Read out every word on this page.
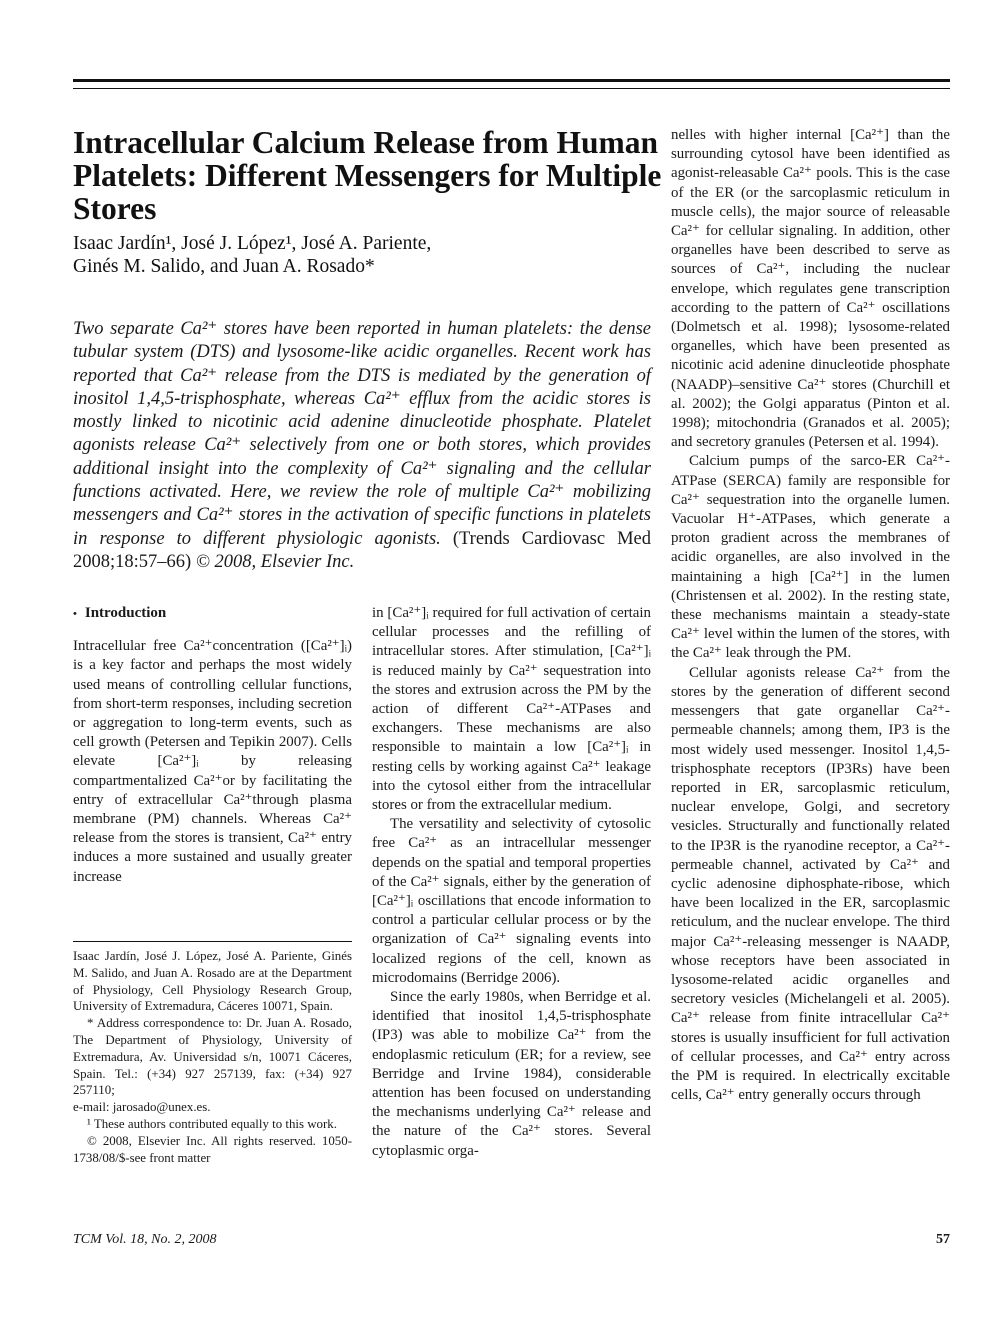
Intracellular Calcium Release from Human Platelets: Different Messengers for Multiple Stores
Isaac Jardín¹, José J. López¹, José A. Pariente,
Ginés M. Salido, and Juan A. Rosado*

Two separate Ca²⁺ stores have been reported in human platelets: the dense tubular system (DTS) and lysosome-like acidic organelles. Recent work has reported that Ca²⁺ release from the DTS is mediated by the generation of inositol 1,4,5-trisphosphate, whereas Ca²⁺ efflux from the acidic stores is mostly linked to nicotinic acid adenine dinucleotide phosphate. Platelet agonists release Ca²⁺ selectively from one or both stores, which provides additional insight into the complexity of Ca²⁺ signaling and the cellular functions activated. Here, we review the role of multiple Ca²⁺ mobilizing messengers and Ca²⁺ stores in the activation of specific functions in platelets in response to different physiologic agonists. (Trends Cardiovasc Med 2008;18:57–66) © 2008, Elsevier Inc.

• Introduction

Intracellular free Ca²⁺concentration ([Ca²⁺]ᵢ) is a key factor and perhaps the most widely used means of controlling cellular functions, from short-term responses, including secretion or aggregation to long-term events, such as cell growth (Petersen and Tepikin 2007). Cells elevate [Ca²⁺]ᵢ by releasing compartmentalized Ca²⁺or by facilitating the entry of extracellular Ca²⁺through plasma membrane (PM) channels. Whereas Ca²⁺ release from the stores is transient, Ca²⁺ entry induces a more sustained and usually greater increase

Isaac Jardín, José J. López, José A. Pariente, Ginés M. Salido, and Juan A. Rosado are at the Department of Physiology, Cell Physiology Research Group, University of Extremadura, Cáceres 10071, Spain.

* Address correspondence to: Dr. Juan A. Rosado, The Department of Physiology, University of Extremadura, Av. Universidad s/n, 10071 Cáceres, Spain. Tel.: (+34) 927 257139, fax: (+34) 927 257110;

e-mail: jarosado@unex.es.

¹ These authors contributed equally to this work.

© 2008, Elsevier Inc. All rights reserved. 1050-1738/08/$-see front matter

in [Ca²⁺]ᵢ required for full activation of certain cellular processes and the refilling of intracellular stores. After stimulation, [Ca²⁺]ᵢ is reduced mainly by Ca²⁺ sequestration into the stores and extrusion across the PM by the action of different Ca²⁺-ATPases and exchangers. These mechanisms are also responsible to maintain a low [Ca²⁺]ᵢ in resting cells by working against Ca²⁺ leakage into the cytosol either from the intracellular stores or from the extracellular medium.

The versatility and selectivity of cytosolic free Ca²⁺ as an intracellular messenger depends on the spatial and temporal properties of the Ca²⁺ signals, either by the generation of [Ca²⁺]ᵢ oscillations that encode information to control a particular cellular process or by the organization of Ca²⁺ signaling events into localized regions of the cell, known as microdomains (Berridge 2006).

Since the early 1980s, when Berridge et al. identified that inositol 1,4,5-trisphosphate (IP3) was able to mobilize Ca²⁺ from the endoplasmic reticulum (ER; for a review, see Berridge and Irvine 1984), considerable attention has been focused on understanding the mechanisms underlying Ca²⁺ release and the nature of the Ca²⁺ stores. Several cytoplasmic orga-

nelles with higher internal [Ca²⁺] than the surrounding cytosol have been identified as agonist-releasable Ca²⁺ pools. This is the case of the ER (or the sarcoplasmic reticulum in muscle cells), the major source of releasable Ca²⁺ for cellular signaling. In addition, other organelles have been described to serve as sources of Ca²⁺, including the nuclear envelope, which regulates gene transcription according to the pattern of Ca²⁺ oscillations (Dolmetsch et al. 1998); lysosome-related organelles, which have been presented as nicotinic acid adenine dinucleotide phosphate (NAADP)–sensitive Ca²⁺ stores (Churchill et al. 2002); the Golgi apparatus (Pinton et al. 1998); mitochondria (Granados et al. 2005); and secretory granules (Petersen et al. 1994).

Calcium pumps of the sarco-ER Ca²⁺-ATPase (SERCA) family are responsible for Ca²⁺ sequestration into the organelle lumen. Vacuolar H⁺-ATPases, which generate a proton gradient across the membranes of acidic organelles, are also involved in the maintaining a high [Ca²⁺] in the lumen (Christensen et al. 2002). In the resting state, these mechanisms maintain a steady-state Ca²⁺ level within the lumen of the stores, with the Ca²⁺ leak through the PM.

Cellular agonists release Ca²⁺ from the stores by the generation of different second messengers that gate organellar Ca²⁺-permeable channels; among them, IP3 is the most widely used messenger. Inositol 1,4,5-trisphosphate receptors (IP3Rs) have been reported in ER, sarcoplasmic reticulum, nuclear envelope, Golgi, and secretory vesicles. Structurally and functionally related to the IP3R is the ryanodine receptor, a Ca²⁺-permeable channel, activated by Ca²⁺ and cyclic adenosine diphosphate-ribose, which have been localized in the ER, sarcoplasmic reticulum, and the nuclear envelope. The third major Ca²⁺-releasing messenger is NAADP, whose receptors have been associated in lysosome-related acidic organelles and secretory vesicles (Michelangeli et al. 2005). Ca²⁺ release from finite intracellular Ca²⁺ stores is usually insufficient for full activation of cellular processes, and Ca²⁺ entry across the PM is required. In electrically excitable cells, Ca²⁺ entry generally occurs through

TCM Vol. 18, No. 2, 2008	57
